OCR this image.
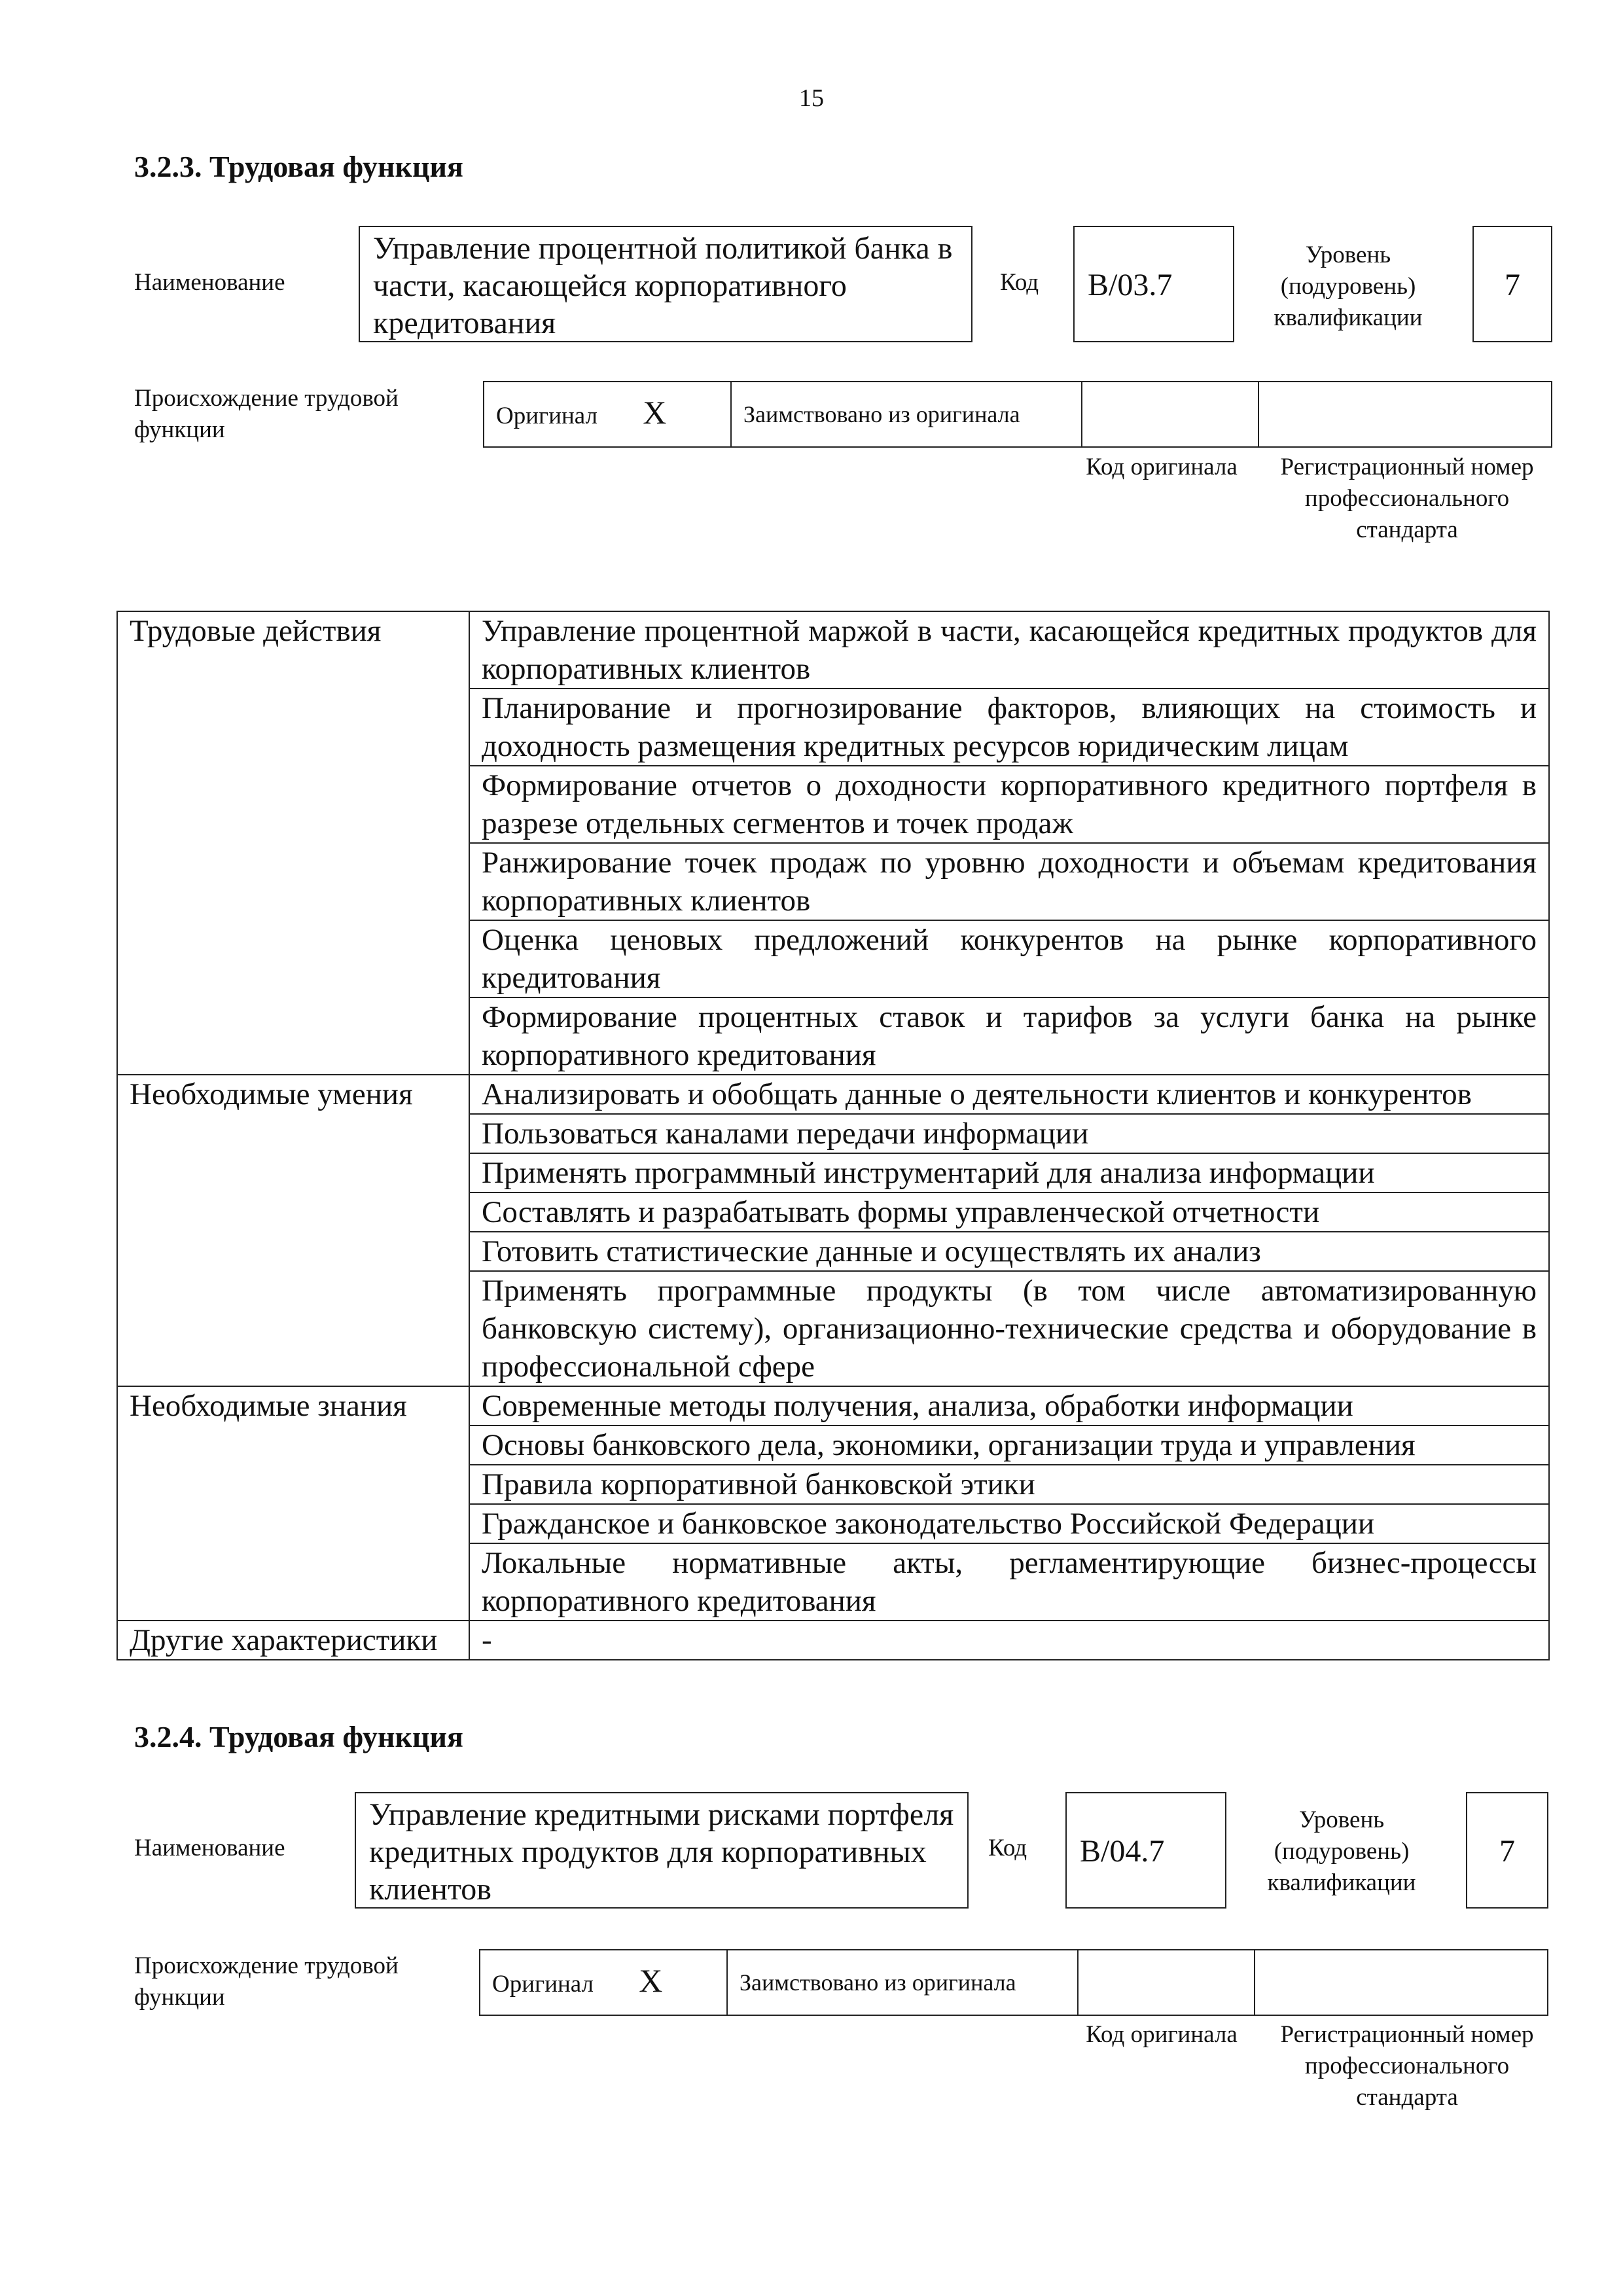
15
3.2.3. Трудовая функция
Наименование
Управление процентной политикой банка в части, касающейся корпоративного кредитования
Код	B/03.7
Уровень (подуровень) квалификации
7
Происхождение трудовой функции
Оригинал X	Заимствовано из оригинала		
Код оригинала	Регистрационный номер профессионального стандарта
Трудовые действия	Управление процентной маржой в части, касающейся кредитных продуктов для корпоративных клиентов
	Планирование и прогнозирование факторов, влияющих на стоимость и доходность размещения кредитных ресурсов юридическим лицам
	Формирование отчетов о доходности корпоративного кредитного портфеля в разрезе отдельных сегментов и точек продаж
	Ранжирование точек продаж по уровню доходности и объемам кредитования корпоративных клиентов
	Оценка ценовых предложений конкурентов на рынке корпоративного кредитования
	Формирование процентных ставок и тарифов за услуги банка на рынке корпоративного кредитования
Необходимые умения	Анализировать и обобщать данные о деятельности клиентов и конкурентов
	Пользоваться каналами передачи информации
	Применять программный инструментарий для анализа информации
	Составлять и разрабатывать формы управленческой отчетности
	Готовить статистические данные и осуществлять их анализ
	Применять программные продукты (в том числе автоматизированную банковскую систему), организационно-технические средства и оборудование в профессиональной сфере
Необходимые знания	Современные методы получения, анализа, обработки информации
	Основы банковского дела, экономики, организации труда и управления
	Правила корпоративной банковской этики
	Гражданское и банковское законодательство Российской Федерации
	Локальные нормативные акты, регламентирующие бизнес-процессы корпоративного кредитования
Другие характеристики	-
3.2.4. Трудовая функция
Наименование
Управление кредитными рисками портфеля кредитных продуктов для корпоративных клиентов
Код	B/04.7
Уровень (подуровень) квалификации
7
Происхождение трудовой функции	Оригинал X	Заимствовано из оригинала		
Код оригинала	Регистрационный номер профессионального стандарта
